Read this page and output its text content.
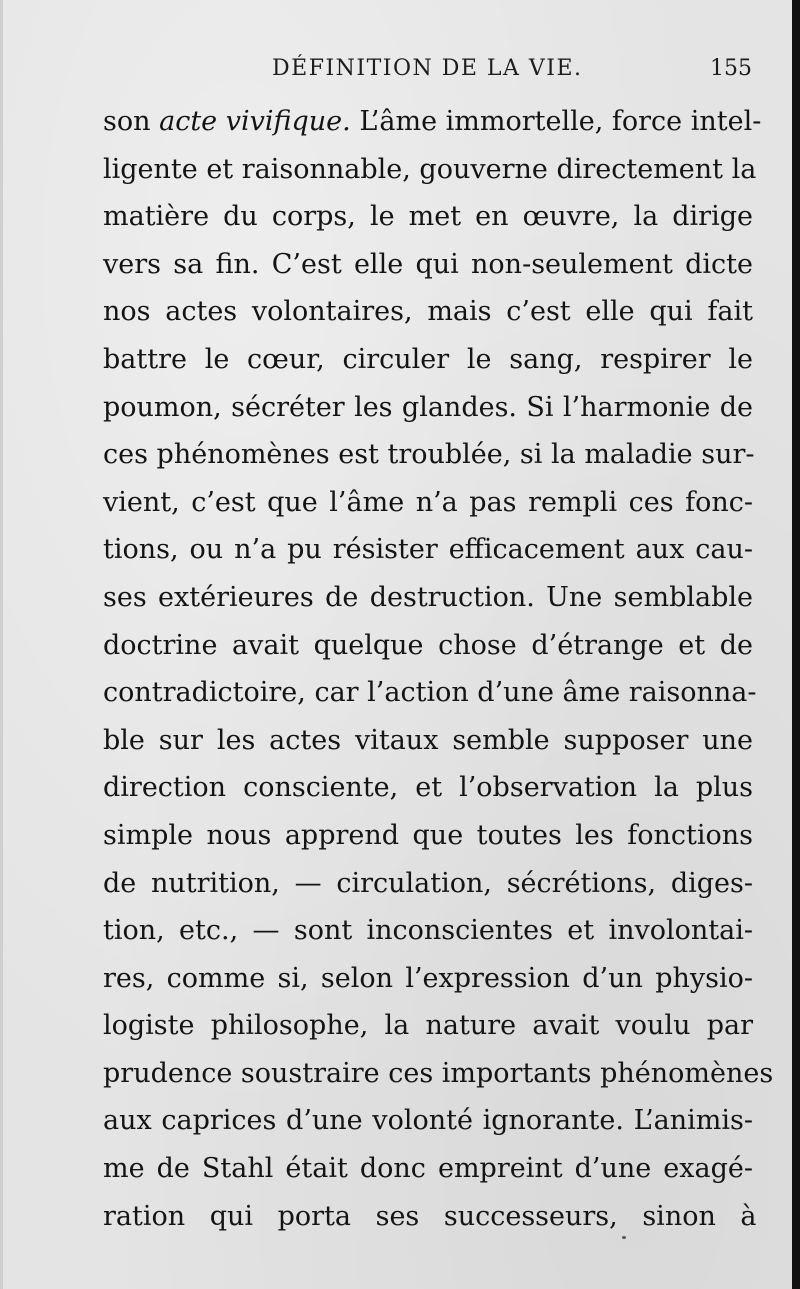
DÉFINITION DE LA VIE.	155
son acte vivifique. L’âme immortelle, force intel-
ligente et raisonnable, gouverne directement la
matière du corps, le met en œuvre, la dirige
vers sa fin. C’est elle qui non-seulement dicte
nos actes volontaires, mais c’est elle qui fait
battre le cœur, circuler le sang, respirer le
poumon, sécréter les glandes. Si l’harmonie de
ces phénomènes est troublée, si la maladie sur-
vient, c’est que l’âme n’a pas rempli ces fonc-
tions, ou n’a pu résister efficacement aux cau-
ses extérieures de destruction. Une semblable
doctrine avait quelque chose d’étrange et de
contradictoire, car l’action d’une âme raisonna-
ble sur les actes vitaux semble supposer une
direction consciente, et l’observation la plus
simple nous apprend que toutes les fonctions
de nutrition, — circulation, sécrétions, diges-
tion, etc., — sont inconscientes et involontai-
res, comme si, selon l’expression d’un physio-
logiste philosophe, la nature avait voulu par
prudence soustraire ces importants phénomènes
aux caprices d’une volonté ignorante. L’animis-
me de Stahl était donc empreint d’une exagé-
ration qui porta ses successeurs, sinon à
